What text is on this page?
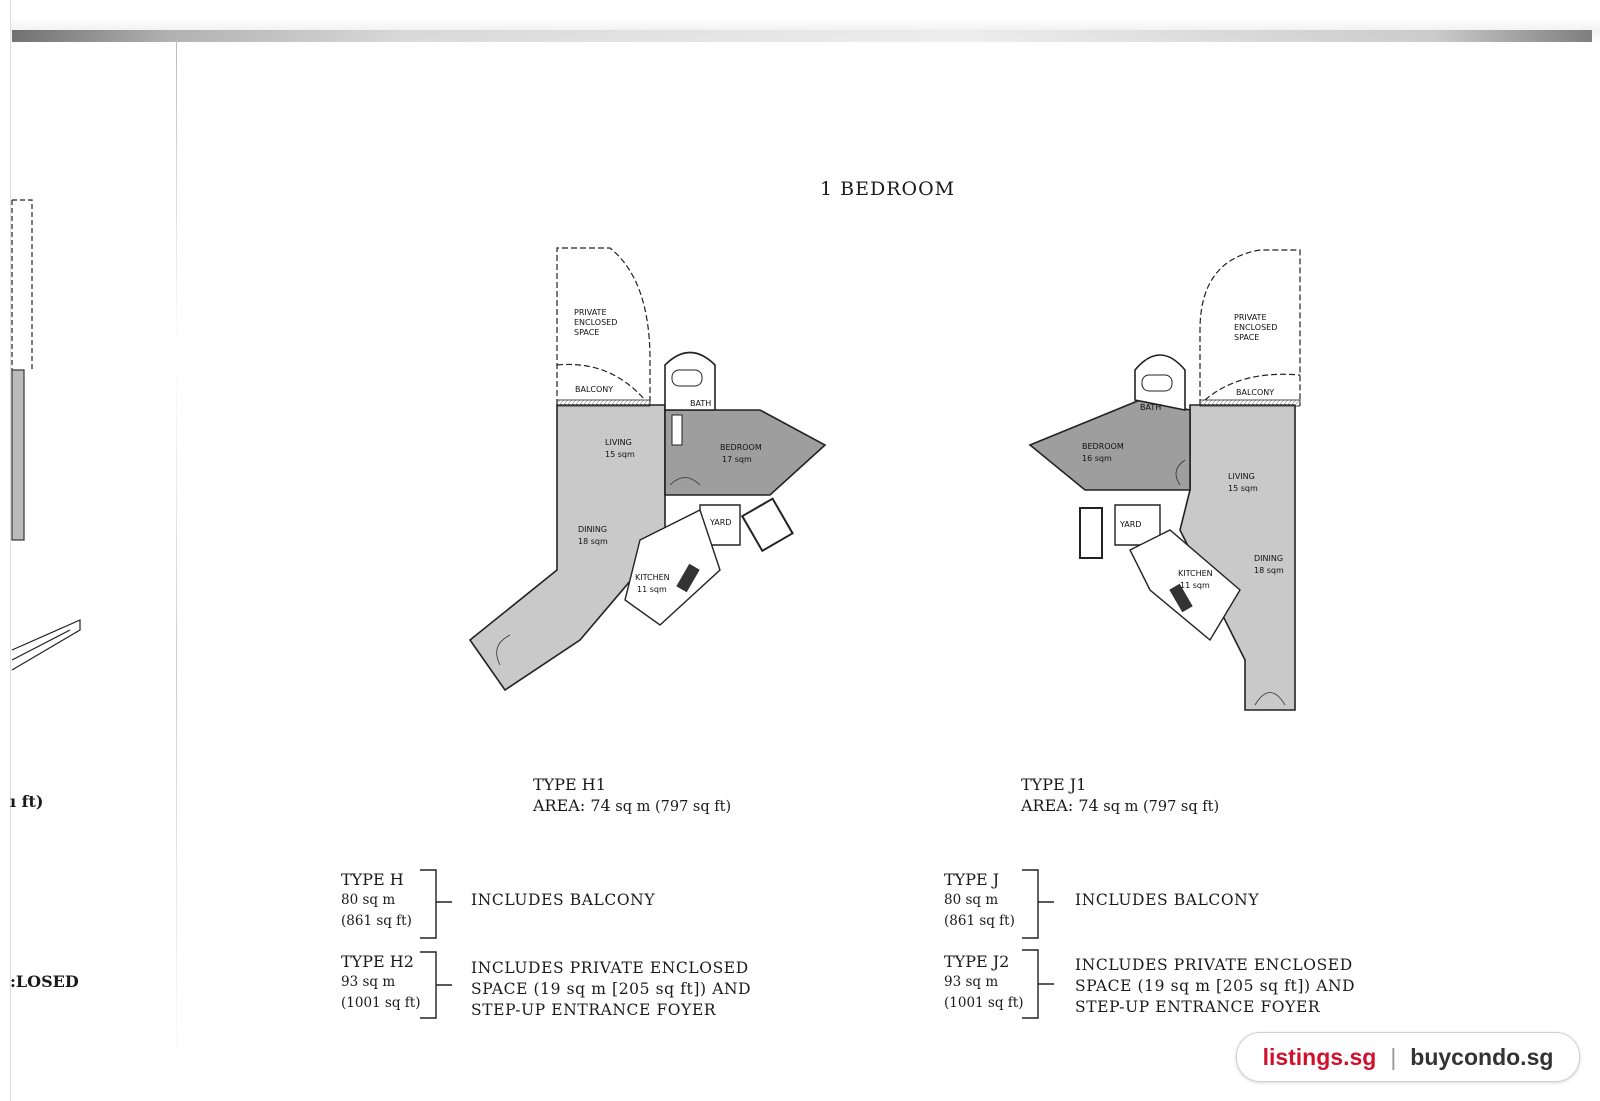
ı ft)
:LOSED
1 BEDROOM
PRIVATE
ENCLOSED
SPACE
BALCONY
BATH
LIVING
15 sqm
BEDROOM
17 sqm
DINING
18 sqm
YARD
KITCHEN
11 sqm
PRIVATE
ENCLOSED
SPACE
BALCONY
BATH
BEDROOM
16 sqm
LIVING
15 sqm
DINING
18 sqm
YARD
KITCHEN
11 sqm
TYPE H1
AREA: 74 sq m (797 sq ft)
TYPE J1
AREA: 74 sq m (797 sq ft)
TYPE H
80 sq m
(861 sq ft)
INCLUDES BALCONY
TYPE H2
93 sq m
(1001 sq ft)
INCLUDES PRIVATE ENCLOSED
SPACE (19 sq m [205 sq ft]) AND
STEP-UP ENTRANCE FOYER
TYPE J
80 sq m
(861 sq ft)
INCLUDES BALCONY
TYPE J2
93 sq m
(1001 sq ft)
INCLUDES PRIVATE ENCLOSED
SPACE (19 sq m [205 sq ft]) AND
STEP-UP ENTRANCE FOYER
listings.sg | buycondo.sg
